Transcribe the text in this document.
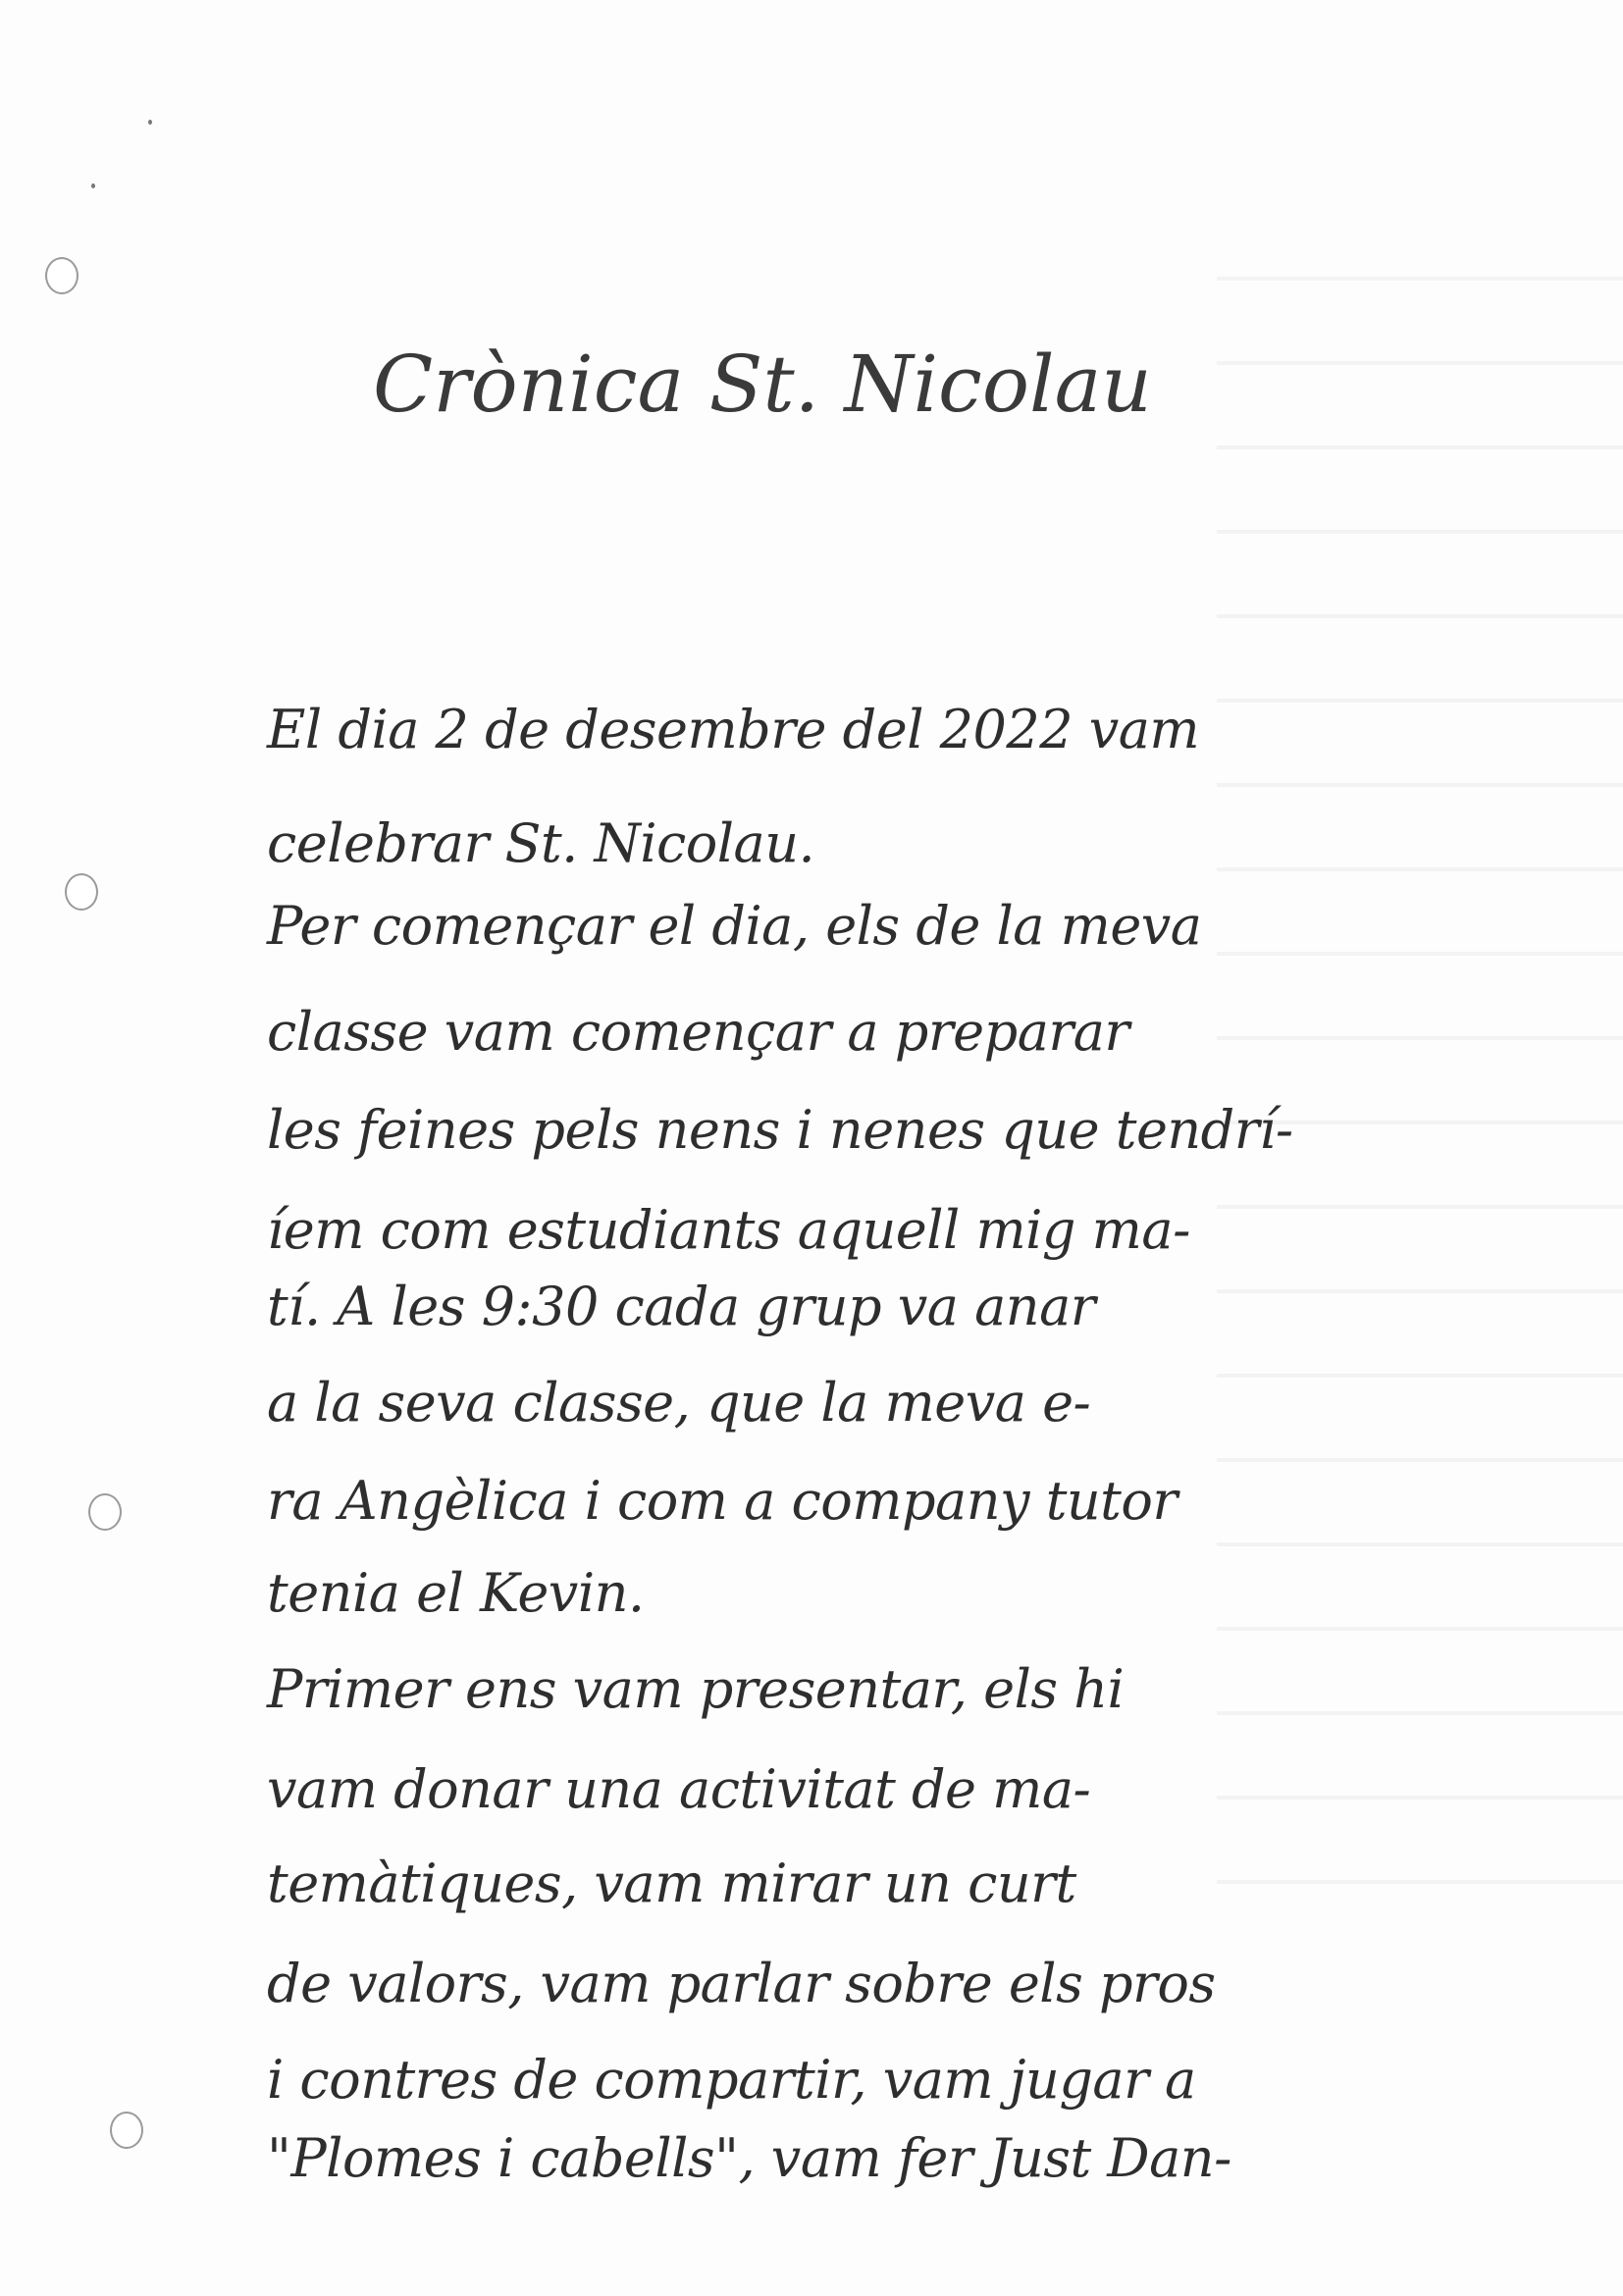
Crònica St. Nicolau
El dia 2 de desembre del 2022 vam
celebrar St. Nicolau.
Per començar el dia, els de la meva
classe vam començar a preparar
les feines pels nens i nenes que tendrí-
íem com estudiants aquell mig ma-
tí. A les 9:30 cada grup va anar
a la seva classe, que la meva e-
ra Angèlica i com a company tutor
tenia el Kevin.
Primer ens vam presentar, els hi
vam donar una activitat de ma-
temàtiques, vam mirar un curt
de valors, vam parlar sobre els pros
i contres de compartir, vam jugar a
"Plomes i cabells", vam fer Just Dan-
